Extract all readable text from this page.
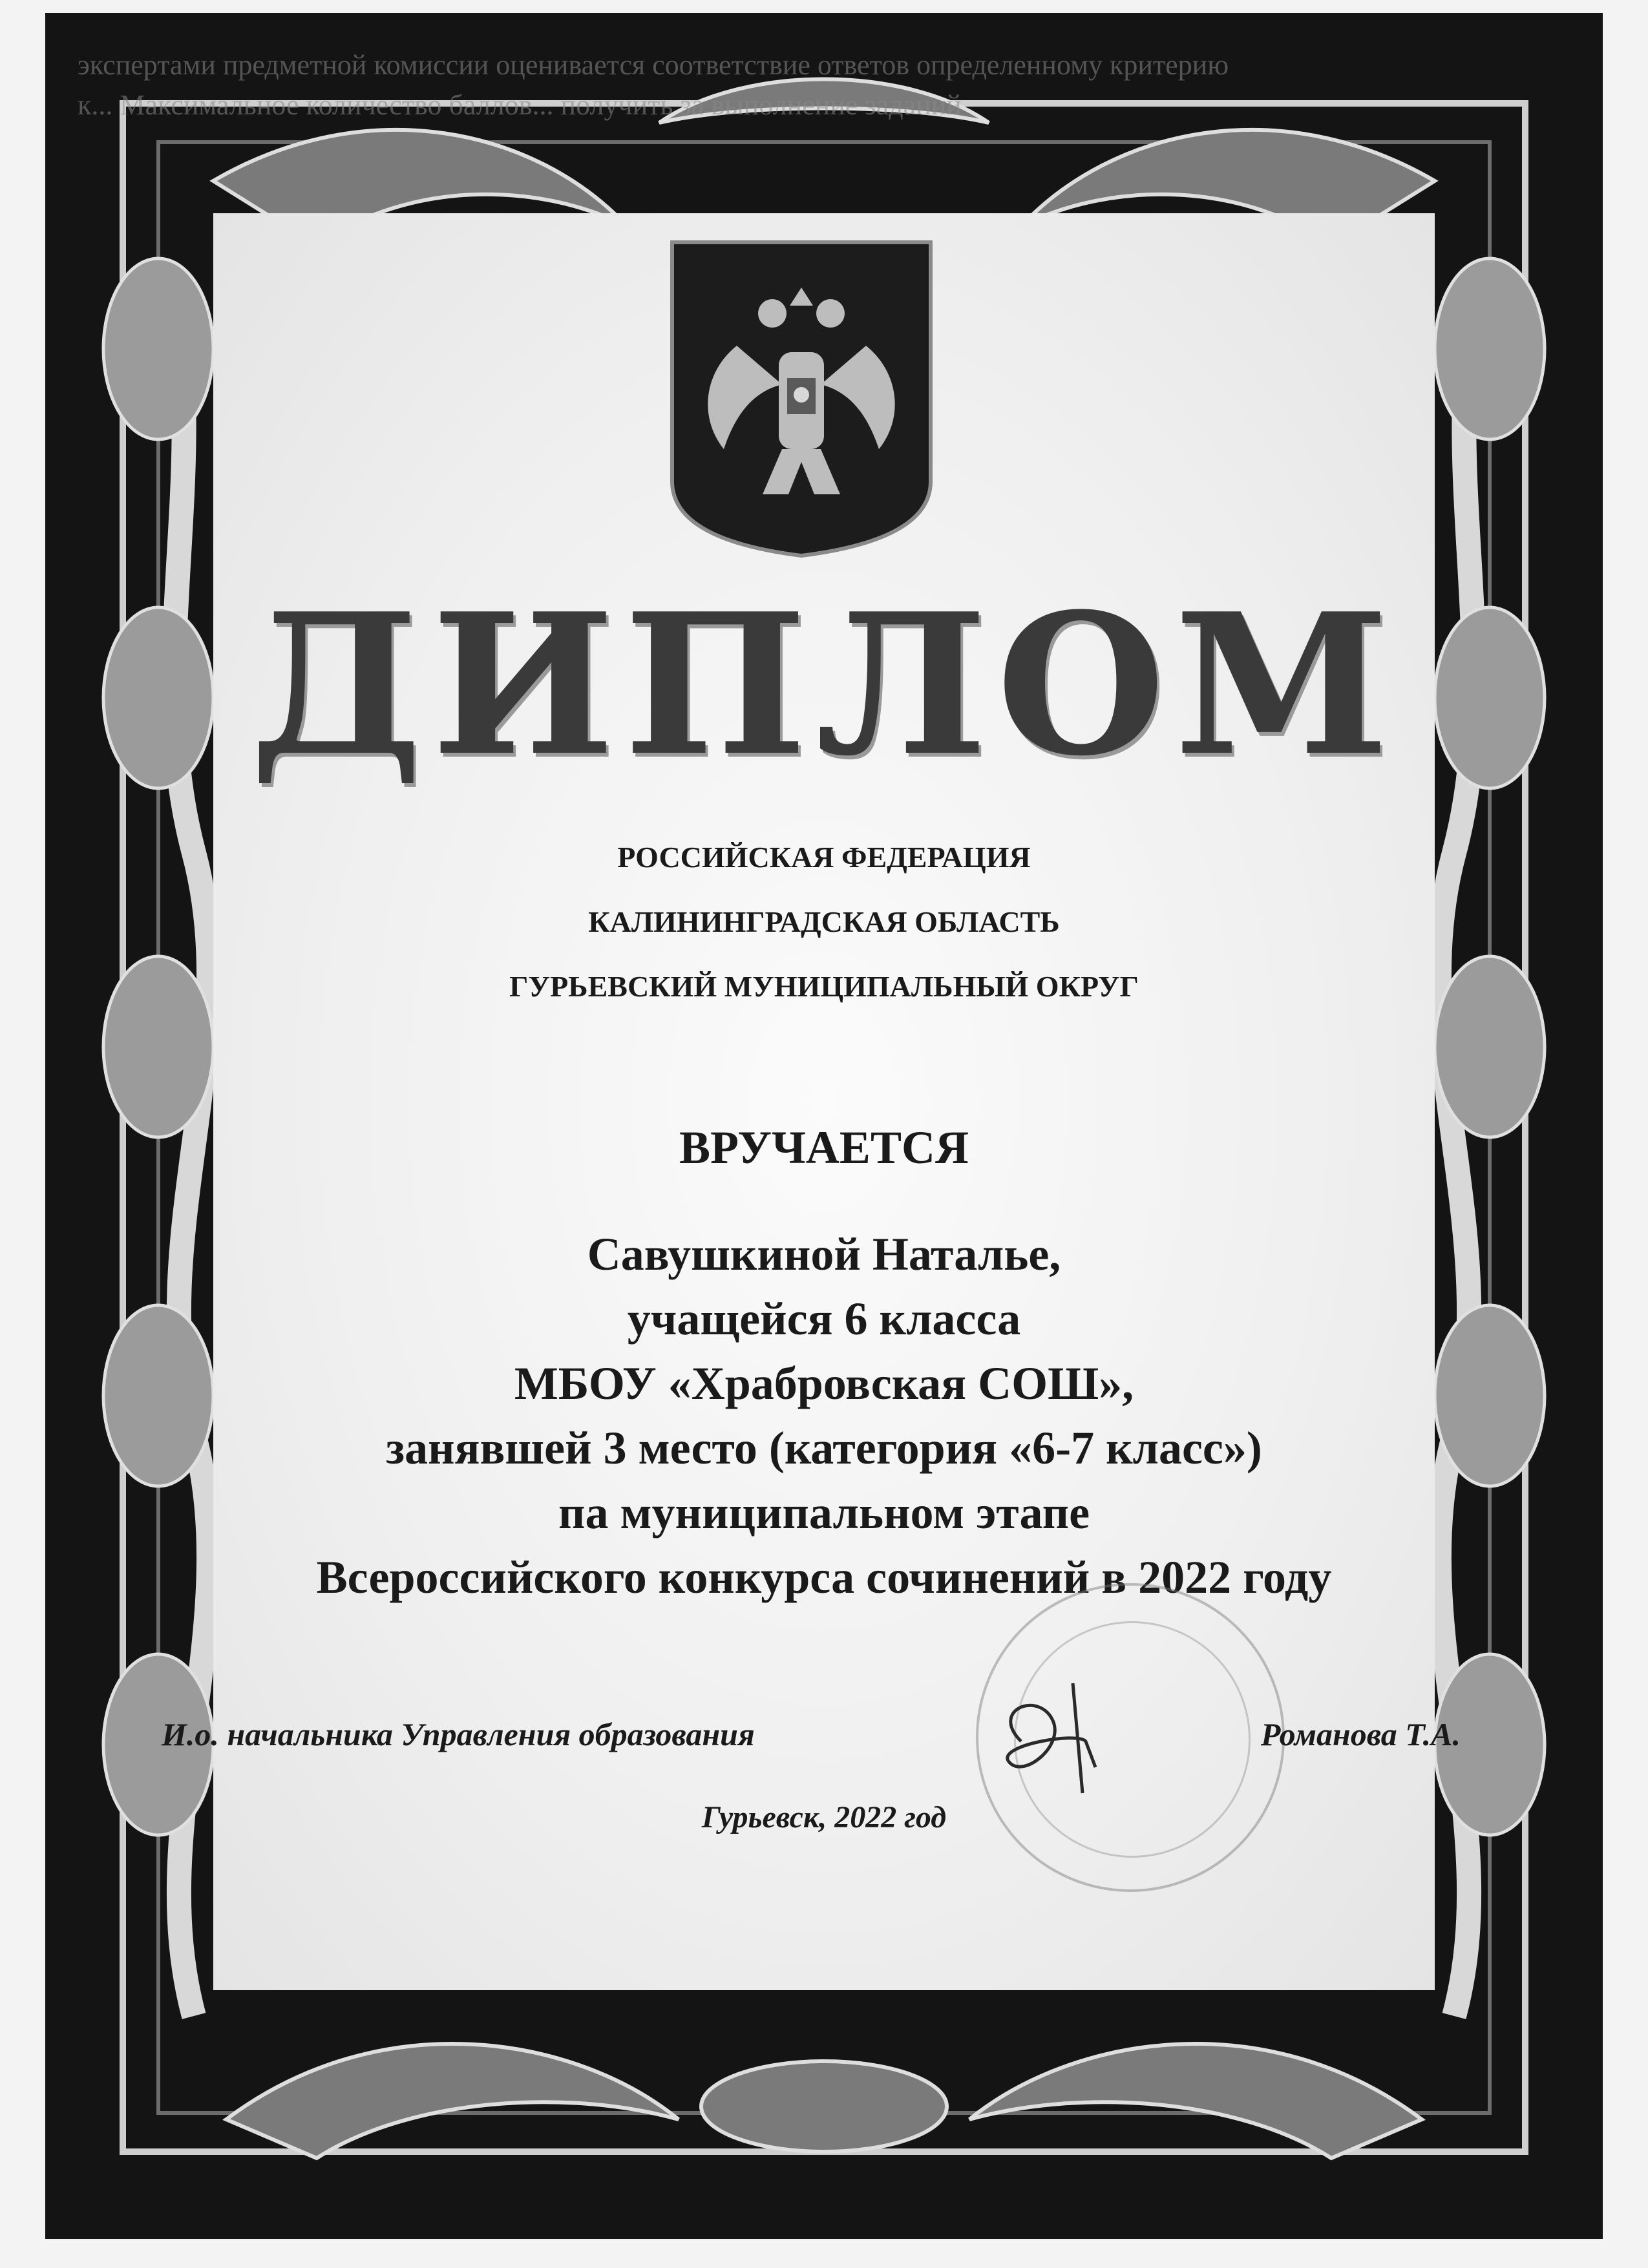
экспертами предметной комиссии оценивается соответствие ответов определенному критерию
к... Максимальное количество баллов... получить за выполнение заданий
ДИПЛОМ
РОССИЙСКАЯ ФЕДЕРАЦИЯ
КАЛИНИНГРАДСКАЯ ОБЛАСТЬ
ГУРЬЕВСКИЙ МУНИЦИПАЛЬНЫЙ ОКРУГ
ВРУЧАЕТСЯ
Савушкиной Наталье,
учащейся 6 класса
МБОУ «Храбровская СОШ»,
занявшей 3 место (категория «6-7 класс»)
па муниципальном этапе
Всероссийского конкурса сочинений в 2022 году
И.о. начальника Управления образования	Романова Т.А.
Гурьевск, 2022 год
